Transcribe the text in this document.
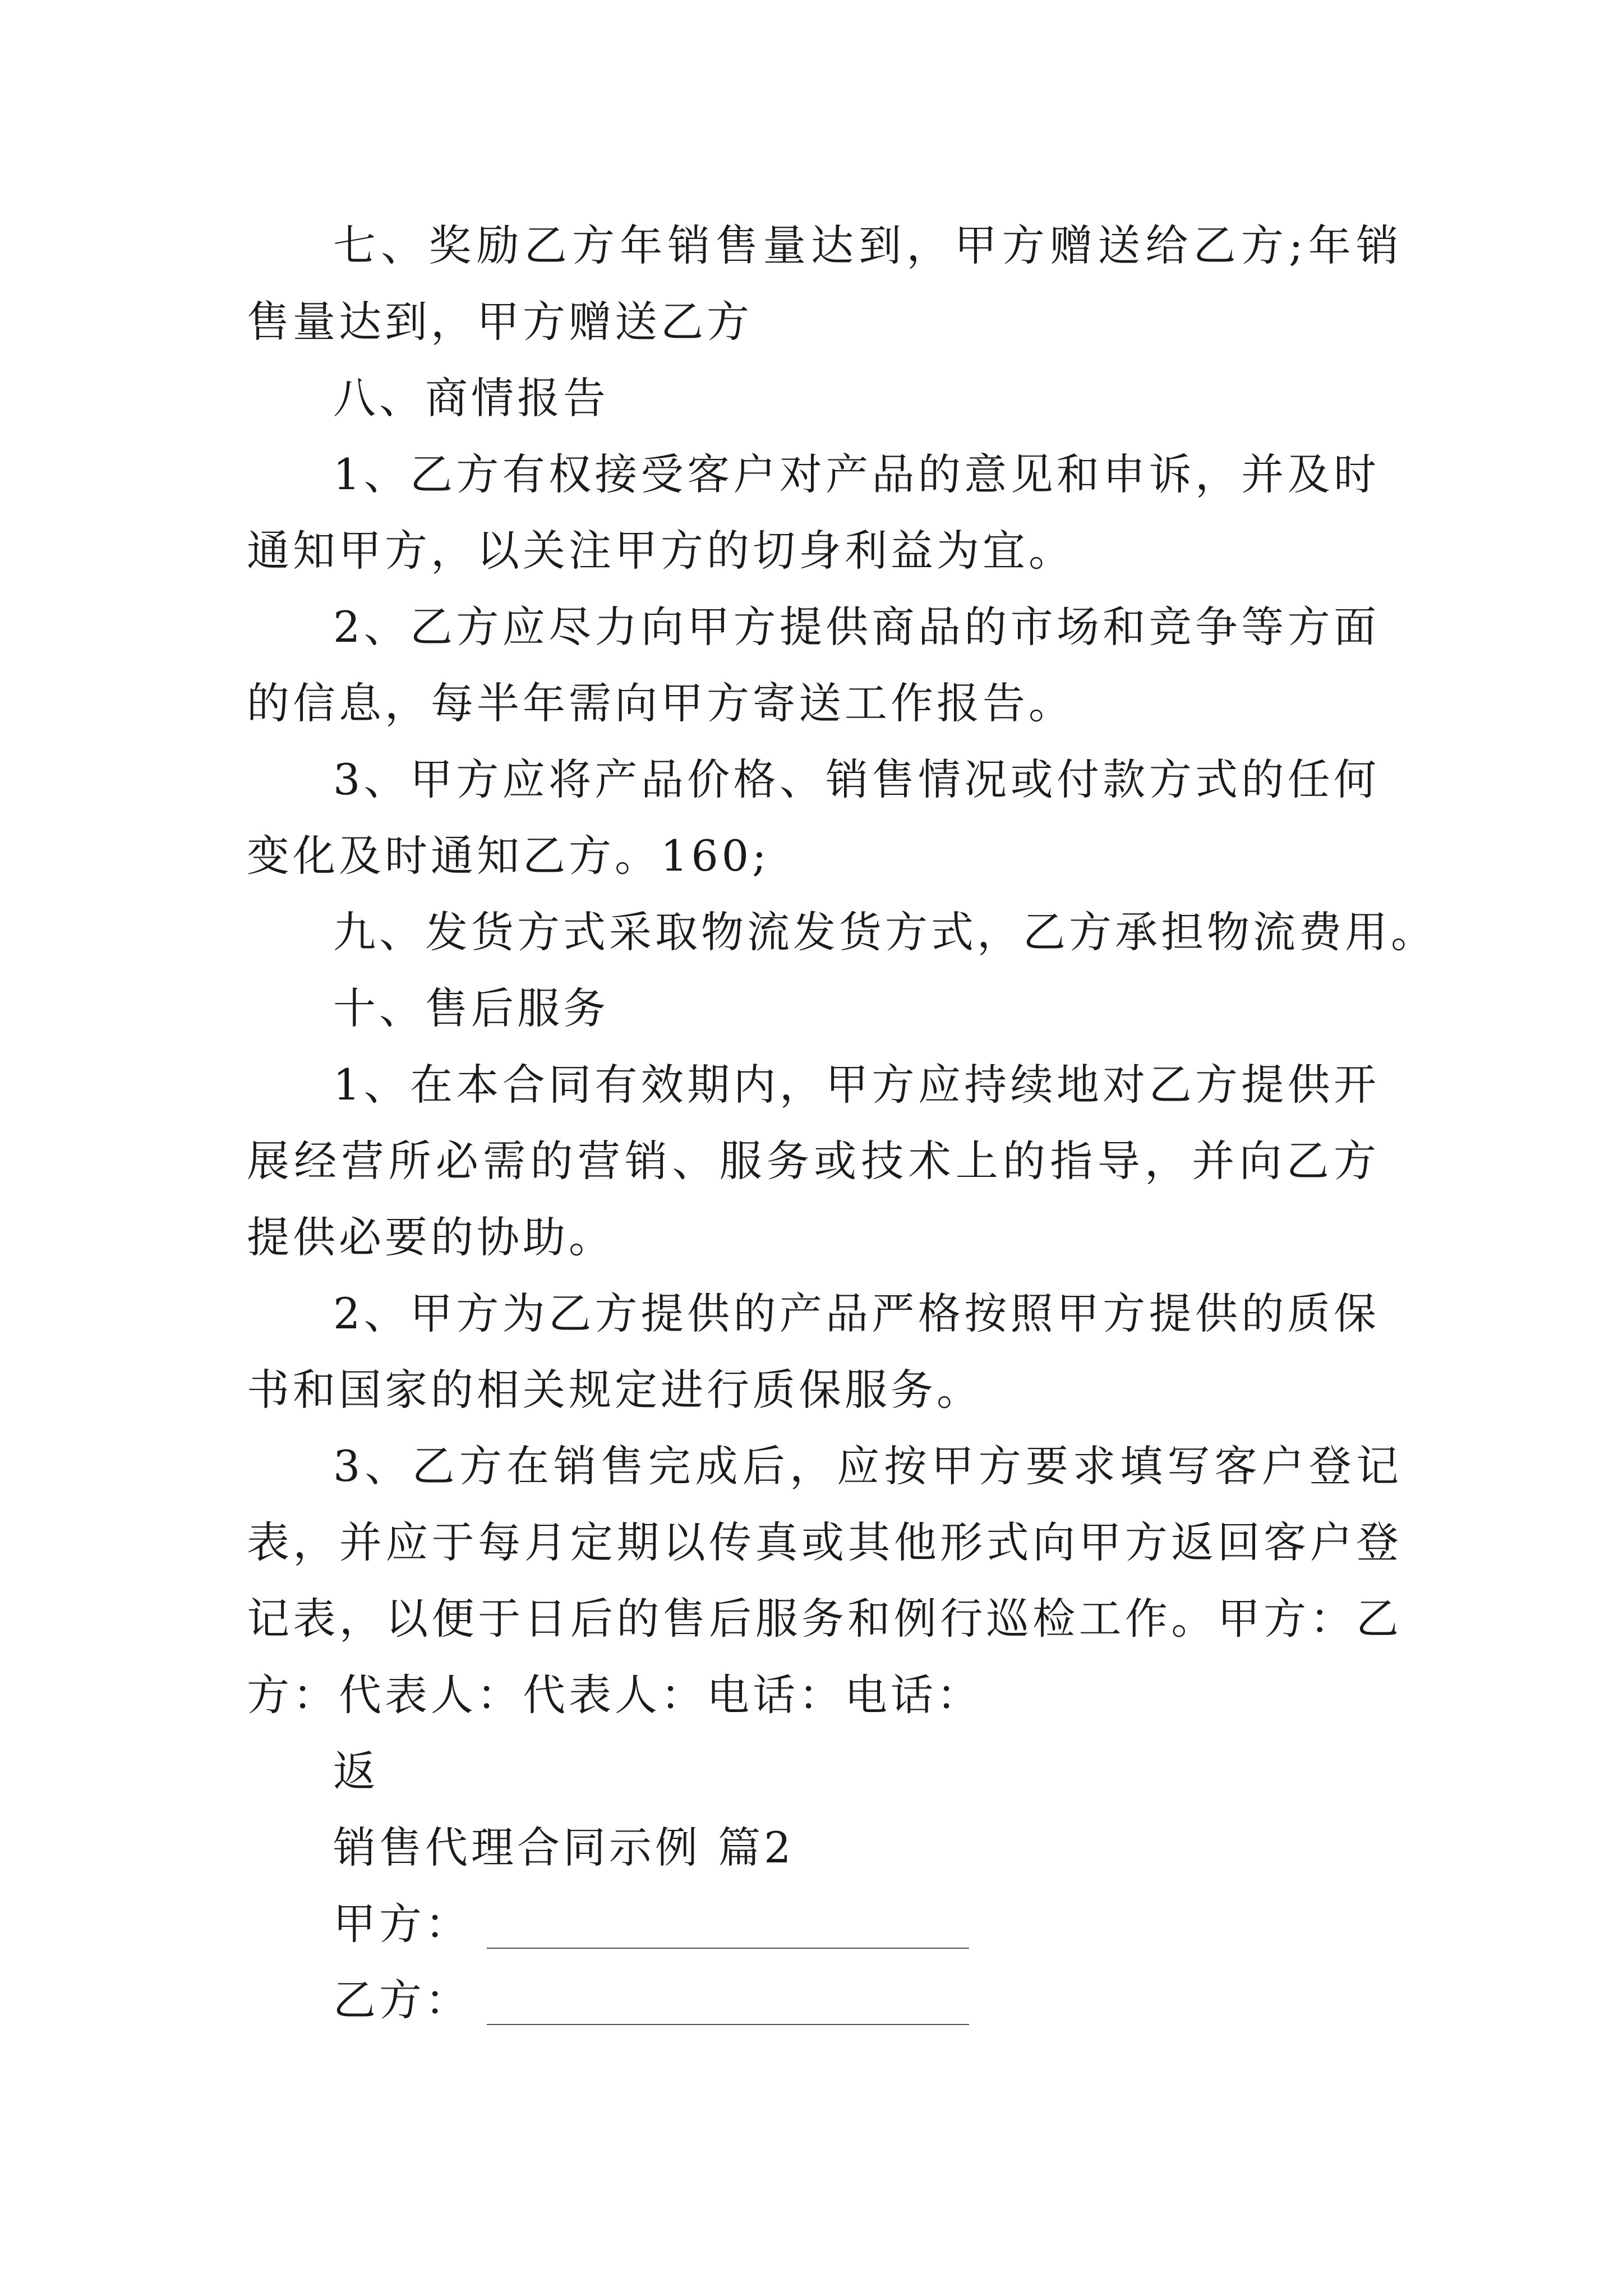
七、奖励乙方年销售量达到，甲方赠送给乙方;年销售量达到，甲方赠送乙方

八、商情报告

1、乙方有权接受客户对产品的意见和申诉，并及时通知甲方，以关注甲方的切身利益为宜。

2、乙方应尽力向甲方提供商品的市场和竞争等方面的信息，每半年需向甲方寄送工作报告。

3、甲方应将产品价格、销售情况或付款方式的任何变化及时通知乙方。160;

九、发货方式采取物流发货方式，乙方承担物流费用。

十、售后服务

1、在本合同有效期内，甲方应持续地对乙方提供开展经营所必需的营销、服务或技术上的指导，并向乙方提供必要的协助。

2、甲方为乙方提供的产品严格按照甲方提供的质保书和国家的相关规定进行质保服务。

3、乙方在销售完成后，应按甲方要求填写客户登记表，并应于每月定期以传真或其他形式向甲方返回客户登记表，以便于日后的售后服务和例行巡检工作。甲方：乙方：代表人：代表人：电话：电话：

返

销售代理合同示例 篇2

甲方：
乙方：
